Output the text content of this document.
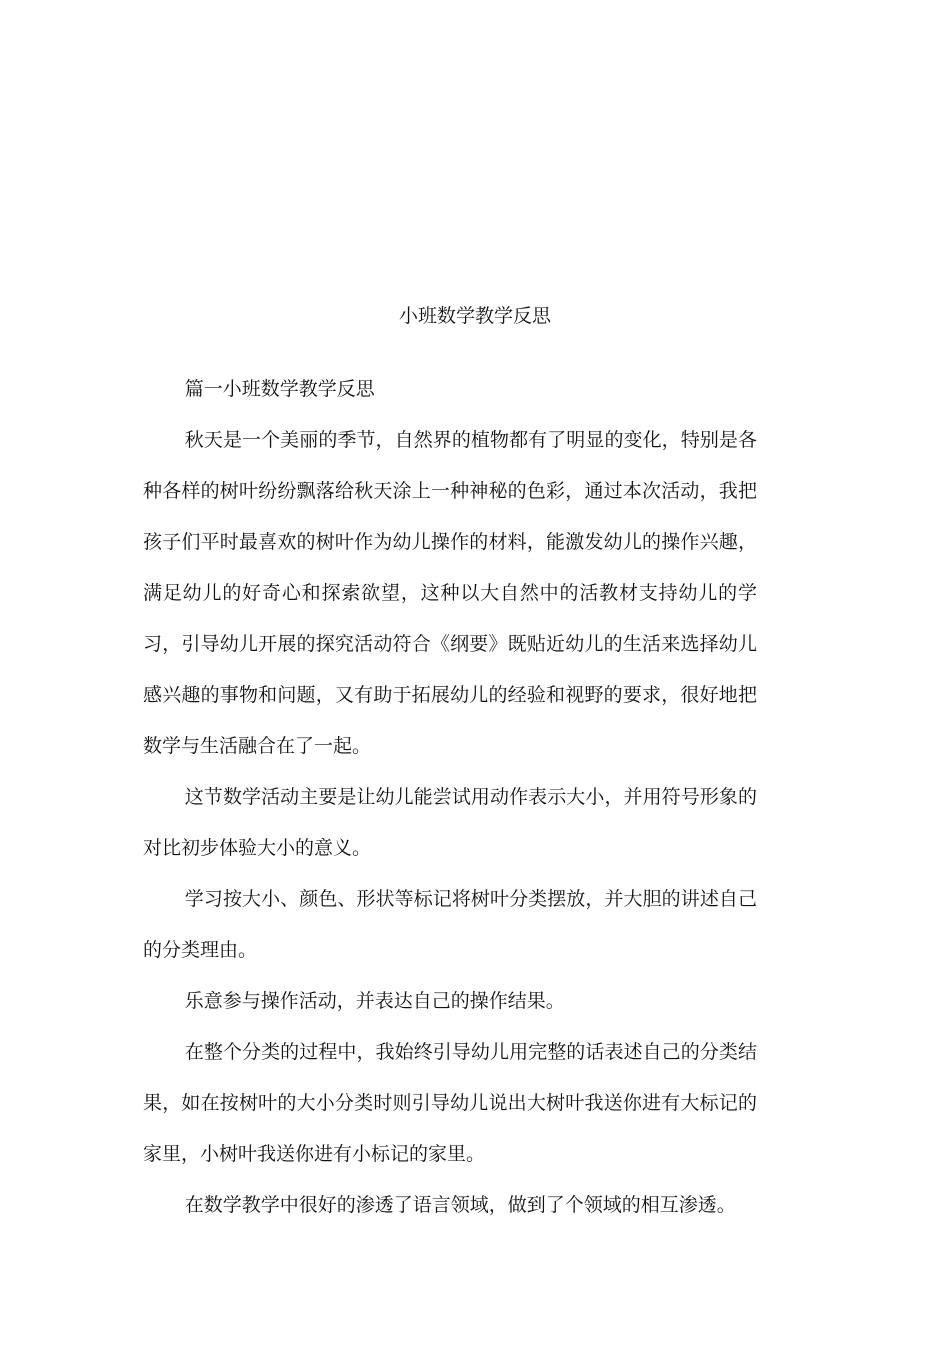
小班数学教学反思

篇一小班数学教学反思

秋天是一个美丽的季节，自然界的植物都有了明显的变化，特别是各种各样的树叶纷纷飘落给秋天涂上一种神秘的色彩，通过本次活动，我把孩子们平时最喜欢的树叶作为幼儿操作的材料，能激发幼儿的操作兴趣，满足幼儿的好奇心和探索欲望，这种以大自然中的活教材支持幼儿的学习，引导幼儿开展的探究活动符合《纲要》既贴近幼儿的生活来选择幼儿感兴趣的事物和问题，又有助于拓展幼儿的经验和视野的要求，很好地把数学与生活融合在了一起。

这节数学活动主要是让幼儿能尝试用动作表示大小，并用符号形象的对比初步体验大小的意义。

学习按大小、颜色、形状等标记将树叶分类摆放，并大胆的讲述自己的分类理由。

乐意参与操作活动，并表达自己的操作结果。

在整个分类的过程中，我始终引导幼儿用完整的话表述自己的分类结果，如在按树叶的大小分类时则引导幼儿说出大树叶我送你进有大标记的家里，小树叶我送你进有小标记的家里。

在数学教学中很好的渗透了语言领域，做到了个领域的相互渗透。
